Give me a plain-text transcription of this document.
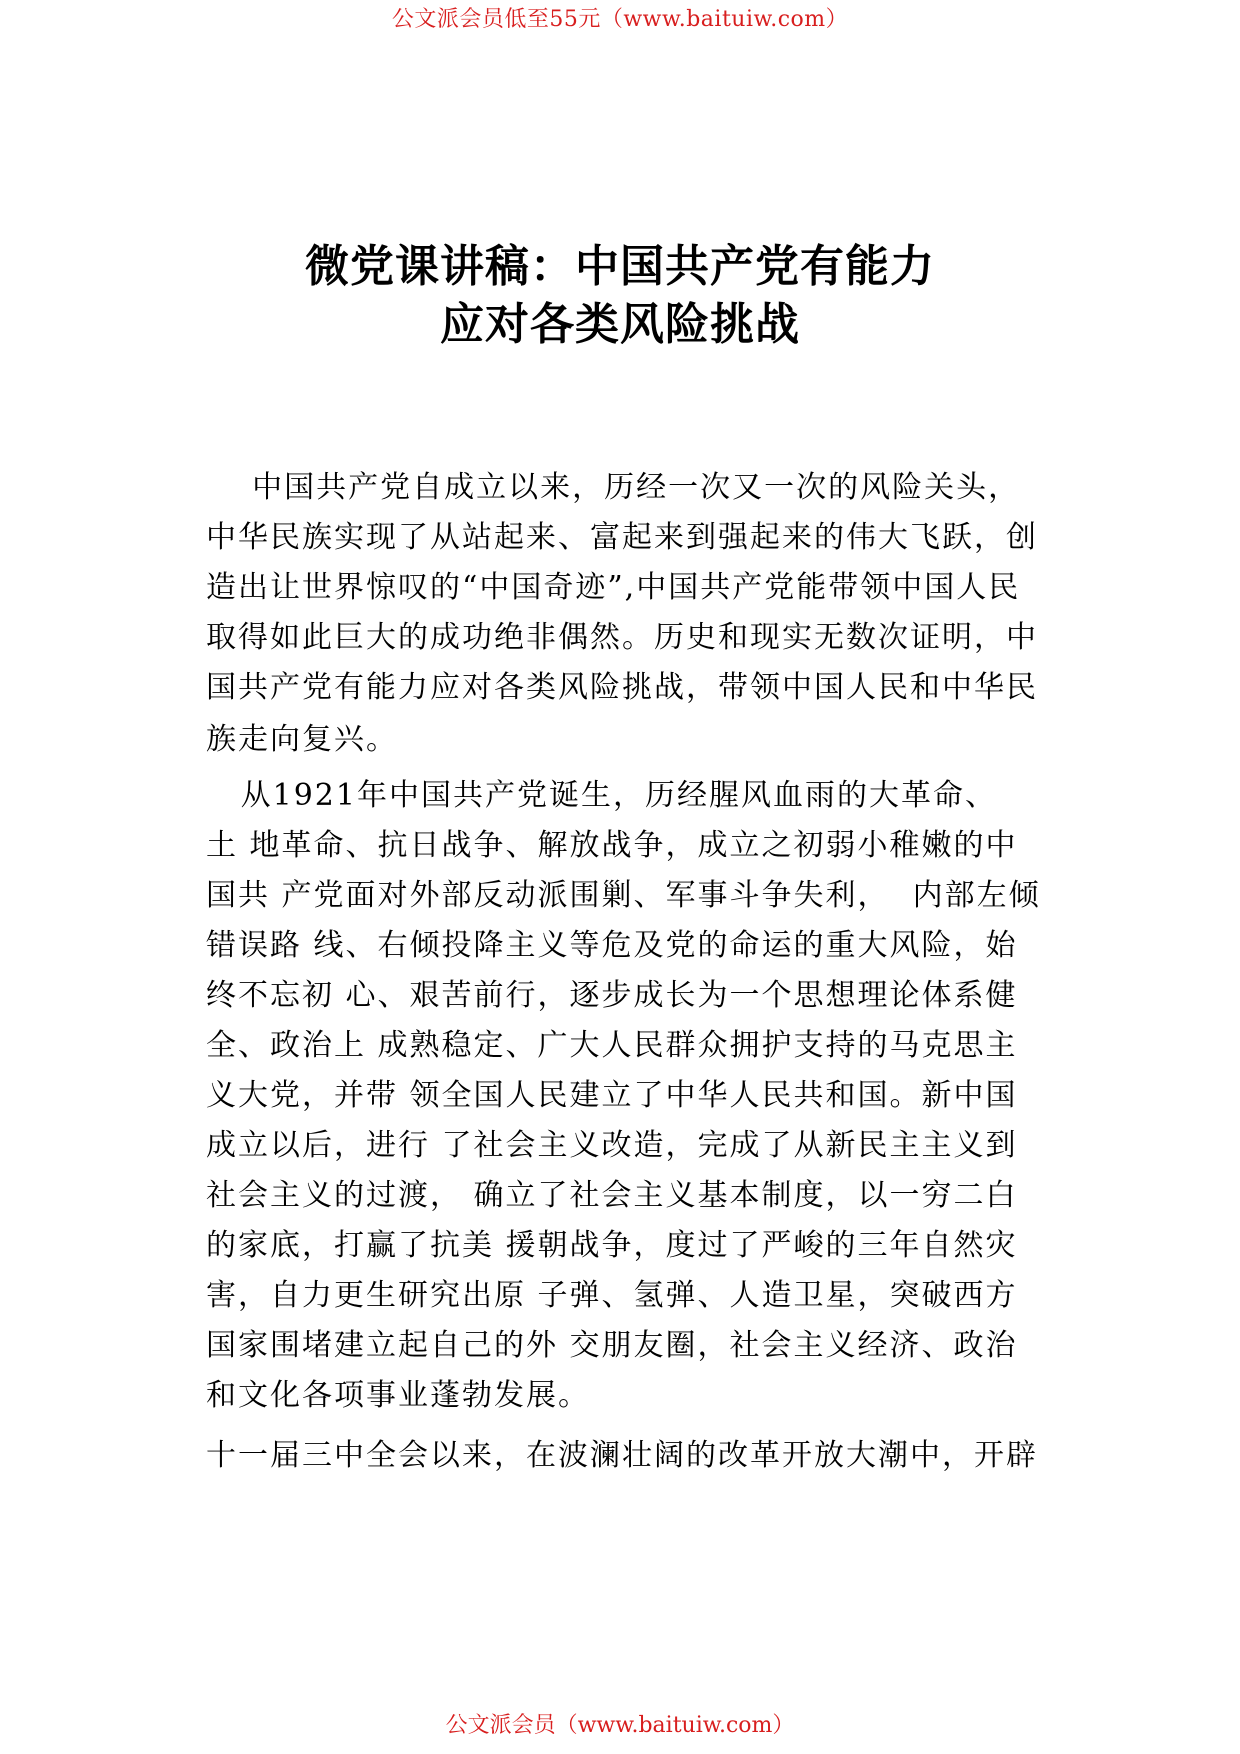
公文派会员低至55元（www.baituiw.com）
微党课讲稿：中国共产党有能力
应对各类风险挑战
中国共产党自成立以来，历经一次又一次的风险关头，
中华民族实现了从站起来、富起来到强起来的伟大飞跃，创
造出让世界惊叹的“中国奇迹”,中国共产党能带领中国人民
取得如此巨大的成功绝非偶然。历史和现实无数次证明，中
国共产党有能力应对各类风险挑战，带领中国人民和中华民
族走向复兴。
从1921年中国共产党诞生，历经腥风血雨的大革命、
土 地革命、抗日战争、解放战争，成立之初弱小稚嫩的中
国共 产党面对外部反动派围剿、军事斗争失利，  内部左倾
错误路 线、右倾投降主义等危及党的命运的重大风险，始
终不忘初 心、艰苦前行，逐步成长为一个思想理论体系健
全、政治上 成熟稳定、广大人民群众拥护支持的马克思主
义大党，并带 领全国人民建立了中华人民共和国。新中国
成立以后，进行 了社会主义改造，完成了从新民主主义到
社会主义的过渡， 确立了社会主义基本制度，以一穷二白
的家底，打赢了抗美 援朝战争，度过了严峻的三年自然灾
害，自力更生研究出原 子弹、氢弹、人造卫星，突破西方
国家围堵建立起自己的外 交朋友圈，社会主义经济、政治
和文化各项事业蓬勃发展。
十一届三中全会以来，在波澜壮阔的改革开放大潮中，开辟
公文派会员（www.baituiw.com）
